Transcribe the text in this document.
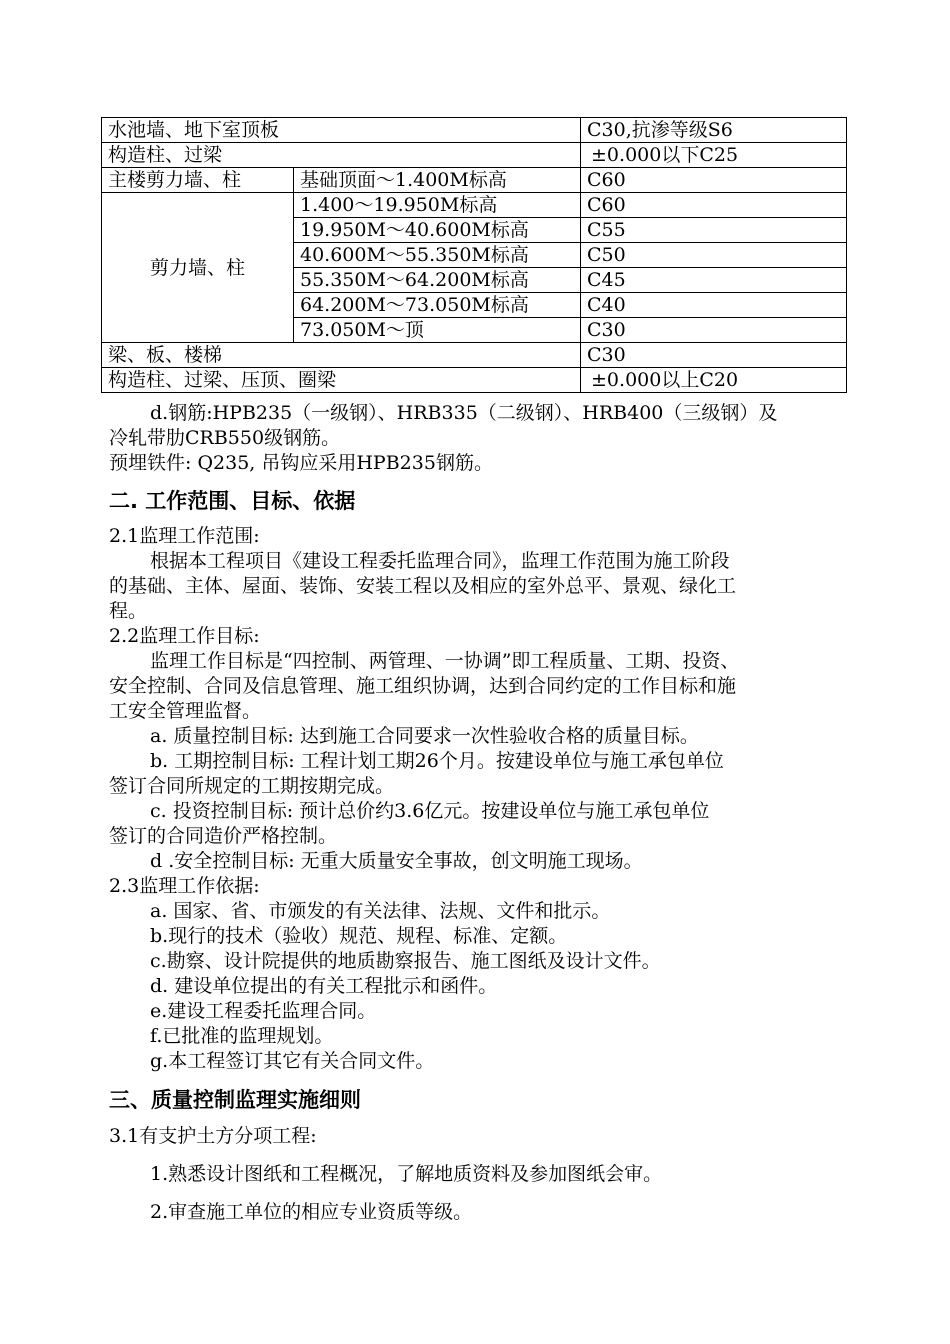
水池墙、地下室顶板		C30,抗渗等级S6
构造柱、过梁		±0.000以下C25
主楼剪力墙、柱	基础顶面～1.400M标高	C60
剪力墙、柱	1.400～19.950M标高	C60
	19.950M～40.600M标高	C55
	40.600M～55.350M标高	C50
	55.350M～64.200M标高	C45
	64.200M～73.050M标高	C40
	73.050M～顶	C30
梁、板、楼梯		C30
构造柱、过梁、压顶、圈梁		±0.000以上C20
d.钢筋:HPB235（一级钢）、HRB335（二级钢）、HRB400（三级钢）及
冷轧带肋CRB550级钢筋。
预埋铁件: Q235, 吊钩应采用HPB235钢筋。
二. 工作范围、目标、依据
2.1监理工作范围:
根据本工程项目《建设工程委托监理合同》，监理工作范围为施工阶段
的基础、主体、屋面、装饰、安装工程以及相应的室外总平、景观、绿化工
程。
2.2监理工作目标:
监理工作目标是“四控制、两管理、一协调”即工程质量、工期、投资、
安全控制、合同及信息管理、施工组织协调，达到合同约定的工作目标和施
工安全管理监督。
a. 质量控制目标: 达到施工合同要求一次性验收合格的质量目标。
b. 工期控制目标: 工程计划工期26个月。按建设单位与施工承包单位
签订合同所规定的工期按期完成。
c. 投资控制目标: 预计总价约3.6亿元。按建设单位与施工承包单位
签订的合同造价严格控制。
d .安全控制目标: 无重大质量安全事故，创文明施工现场。
2.3监理工作依据:
a. 国家、省、市颁发的有关法律、法规、文件和批示。
b.现行的技术（验收）规范、规程、标准、定额。
c.勘察、设计院提供的地质勘察报告、施工图纸及设计文件。
d. 建设单位提出的有关工程批示和函件。
e.建设工程委托监理合同。
f.已批准的监理规划。
g.本工程签订其它有关合同文件。
三、质量控制监理实施细则
3.1有支护土方分项工程:
1.熟悉设计图纸和工程概况，了解地质资料及参加图纸会审。
2.审查施工单位的相应专业资质等级。
